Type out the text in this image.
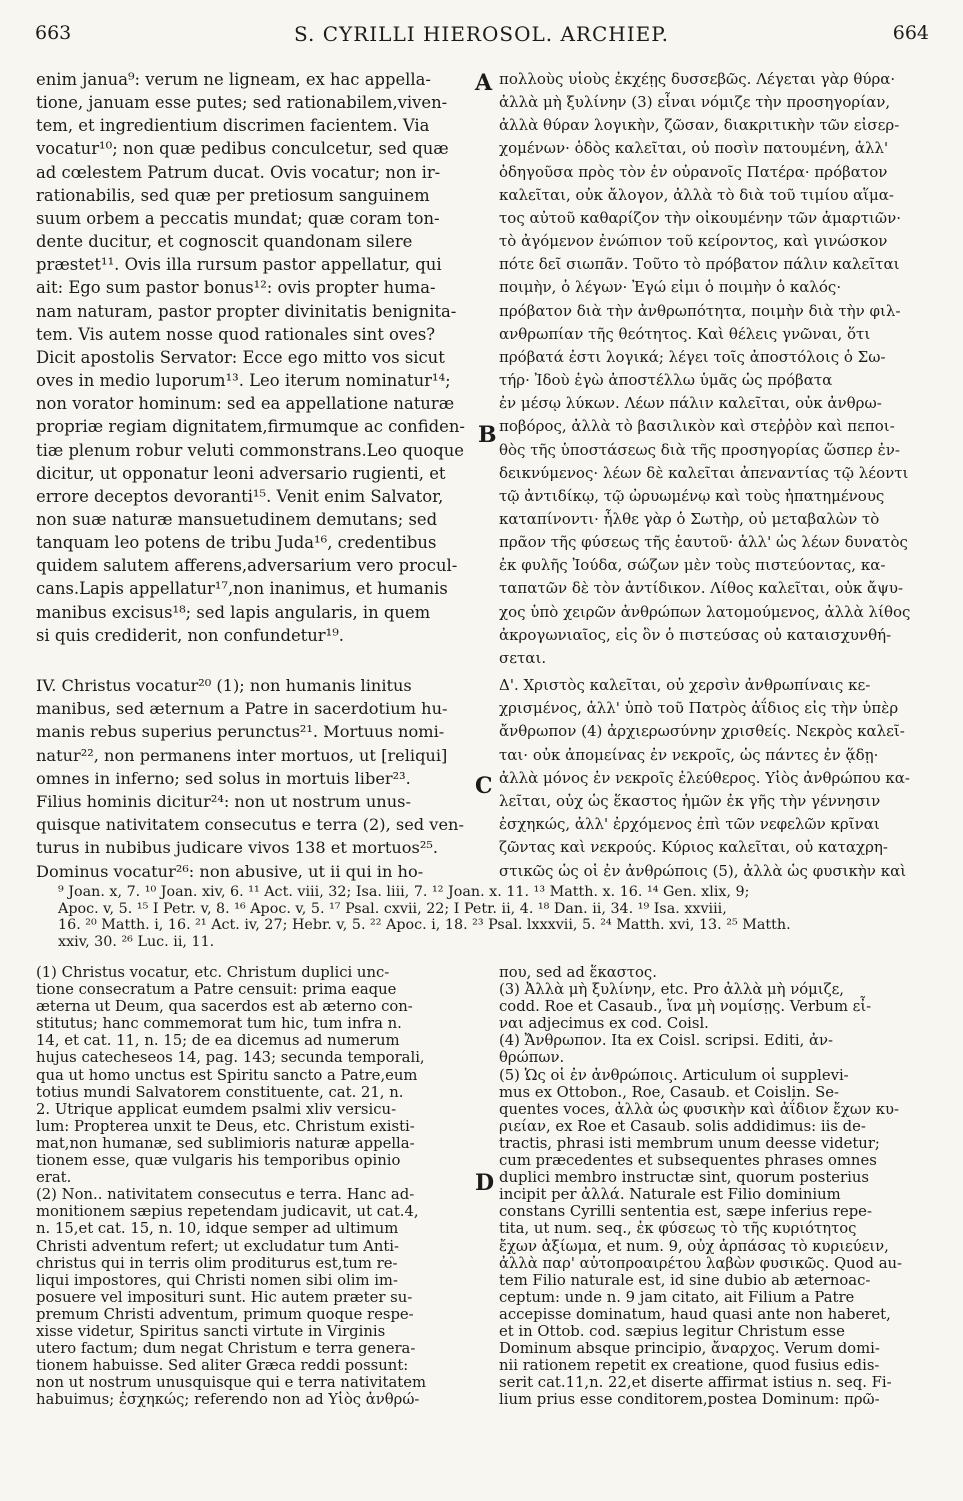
663	S. CYRILLI HIEROSOL. ARCHIEP.	664
A
B
C
D
enim janua⁹: verum ne ligneam, ex hac appella-
tione, januam esse putes; sed rationabilem,viven-
tem, et ingredientium discrimen facientem. Via
vocatur¹⁰; non quæ pedibus conculcetur, sed quæ
ad cœlestem Patrum ducat. Ovis vocatur; non ir-
rationabilis, sed quæ per pretiosum sanguinem
suum orbem a peccatis mundat; quæ coram ton-
dente ducitur, et cognoscit quandonam silere
præstet¹¹. Ovis illa rursum pastor appellatur, qui
ait: Ego sum pastor bonus¹²: ovis propter huma-
nam naturam, pastor propter divinitatis benignita-
tem. Vis autem nosse quod rationales sint oves?
Dicit apostolis Servator: Ecce ego mitto vos sicut
oves in medio luporum¹³. Leo iterum nominatur¹⁴;
non vorator hominum: sed ea appellatione naturæ
propriæ regiam dignitatem,firmumque ac confiden-
tiæ plenum robur veluti commonstrans.Leo quoque
dicitur, ut opponatur leoni adversario rugienti, et
errore deceptos devoranti¹⁵. Venit enim Salvator,
non suæ naturæ mansuetudinem demutans; sed
tanquam leo potens de tribu Juda¹⁶, credentibus
quidem salutem afferens,adversarium vero procul-
cans.Lapis appellatur¹⁷,non inanimus, et humanis
manibus excisus¹⁸; sed lapis angularis, in quem
si quis crediderit, non confundetur¹⁹.
πολλοὺς υἱοὺς ἐκχέῃς δυσσεβῶς. Λέγεται γὰρ θύρα·
ἀλλὰ μὴ ξυλίνην (3) εἶναι νόμιζε τὴν προσηγορίαν,
ἀλλὰ θύραν λογικὴν, ζῶσαν, διακριτικὴν τῶν εἰσερ-
χομένων· ὁδὸς καλεῖται, οὐ ποσὶν πατουμένη, ἀλλ'
ὁδηγοῦσα πρὸς τὸν ἐν οὐρανοῖς Πατέρα· πρόβατον
καλεῖται, οὐκ ἄλογον, ἀλλὰ τὸ διὰ τοῦ τιμίου αἵμα-
τος αὐτοῦ καθαρίζον τὴν οἰκουμένην τῶν ἁμαρτιῶν·
τὸ ἀγόμενον ἐνώπιον τοῦ κείροντος, καὶ γινώσκον
πότε δεῖ σιωπᾶν. Τοῦτο τὸ πρόβατον πάλιν καλεῖται
ποιμὴν, ὁ λέγων· Ἐγώ εἰμι ὁ ποιμὴν ὁ καλός·
πρόβατον διὰ τὴν ἀνθρωπότητα, ποιμὴν διὰ τὴν φιλ-
ανθρωπίαν τῆς θεότητος. Καὶ θέλεις γνῶναι, ὅτι
πρόβατά ἐστι λογικά; λέγει τοῖς ἀποστόλοις ὁ Σω-
τήρ· Ἰδοὺ ἐγὼ ἀποστέλλω ὑμᾶς ὡς πρόβατα
ἐν μέσῳ λύκων. Λέων πάλιν καλεῖται, οὐκ ἀνθρω-
ποβόρος, ἀλλὰ τὸ βασιλικὸν καὶ στεῤῥὸν καὶ πεποι-
θὸς τῆς ὑποστάσεως διὰ τῆς προσηγορίας ὥσπερ ἐν-
δεικνύμενος· λέων δὲ καλεῖται ἀπεναντίας τῷ λέοντι
τῷ ἀντιδίκῳ, τῷ ὠρυωμένῳ καὶ τοὺς ἠπατημένους
καταπίνοντι· ἦλθε γὰρ ὁ Σωτὴρ, οὐ μεταβαλὼν τὸ
πρᾶον τῆς φύσεως τῆς ἑαυτοῦ· ἀλλ' ὡς λέων δυνατὸς
ἐκ φυλῆς Ἰούδα, σώζων μὲν τοὺς πιστεύοντας, κα-
ταπατῶν δὲ τὸν ἀντίδικον. Λίθος καλεῖται, οὐκ ἄψυ-
χος ὑπὸ χειρῶν ἀνθρώπων λατομούμενος, ἀλλὰ λίθος
ἀκρογωνιαῖος, εἰς ὃν ὁ πιστεύσας οὐ καταισχυνθή-
σεται.
IV. Christus vocatur²⁰ (1); non humanis linitus
manibus, sed æternum a Patre in sacerdotium hu-
manis rebus superius perunctus²¹. Mortuus nomi-
natur²², non permanens inter mortuos, ut [reliqui]
omnes in inferno; sed solus in mortuis liber²³.
Filius hominis dicitur²⁴: non ut nostrum unus-
quisque nativitatem consecutus e terra (2), sed ven-
turus in nubibus judicare vivos 138 et mortuos²⁵.
Dominus vocatur²⁶: non abusive, ut ii qui in ho-
Δ'. Χριστὸς καλεῖται, οὐ χερσὶν ἀνθρωπίναις κε-
χρισμένος, ἀλλ' ὑπὸ τοῦ Πατρὸς ἀΐδιος εἰς τὴν ὑπὲρ
ἄνθρωπον (4) ἀρχιερωσύνην χρισθείς. Νεκρὸς καλεῖ-
ται· οὐκ ἀπομείνας ἐν νεκροῖς, ὡς πάντες ἐν ᾅδῃ·
ἀλλὰ μόνος ἐν νεκροῖς ἐλεύθερος. Υἱὸς ἀνθρώπου κα-
λεῖται, οὐχ ὡς ἕκαστος ἡμῶν ἐκ γῆς τὴν γέννησιν
ἐσχηκώς, ἀλλ' ἐρχόμενος ἐπὶ τῶν νεφελῶν κρῖναι
ζῶντας καὶ νεκρούς. Κύριος καλεῖται, οὐ καταχρη-
στικῶς ὡς οἱ ἐν ἀνθρώποις (5), ἀλλὰ ὡς φυσικὴν καὶ
⁹ Joan. x, 7. ¹⁰ Joan. xiv, 6. ¹¹ Act. viii, 32; Isa. liii, 7. ¹² Joan. x. 11. ¹³ Matth. x. 16. ¹⁴ Gen. xlix, 9;
Apoc. v, 5. ¹⁵ I Petr. v, 8. ¹⁶ Apoc. v, 5. ¹⁷ Psal. cxvii, 22; I Petr. ii, 4. ¹⁸ Dan. ii, 34. ¹⁹ Isa. xxviii,
16. ²⁰ Matth. i, 16. ²¹ Act. iv, 27; Hebr. v, 5. ²² Apoc. i, 18. ²³ Psal. lxxxvii, 5. ²⁴ Matth. xvi, 13. ²⁵ Matth.
xxiv, 30. ²⁶ Luc. ii, 11.
(1) Christus vocatur, etc. Christum duplici unc-
tione consecratum a Patre censuit: prima eaque
æterna ut Deum, qua sacerdos est ab æterno con-
stitutus; hanc commemorat tum hic, tum infra n.
14, et cat. 11, n. 15; de ea dicemus ad numerum
hujus catecheseos 14, pag. 143; secunda temporali,
qua ut homo unctus est Spiritu sancto a Patre,eum
totius mundi Salvatorem constituente, cat. 21, n.
2. Utrique applicat eumdem psalmi xliv versicu-
lum: Propterea unxit te Deus, etc. Christum existi-
mat,non humanæ, sed sublimioris naturæ appella-
tionem esse, quæ vulgaris his temporibus opinio
erat.
(2) Non.. nativitatem consecutus e terra. Hanc ad-
monitionem sæpius repetendam judicavit, ut cat.4,
n. 15,et cat. 15, n. 10, idque semper ad ultimum
Christi adventum refert; ut excludatur tum Anti-
christus qui in terris olim proditurus est,tum re-
liqui impostores, qui Christi nomen sibi olim im-
posuere vel imposituri sunt. Hic autem præter su-
premum Christi adventum, primum quoque respe-
xisse videtur, Spiritus sancti virtute in Virginis
utero factum; dum negat Christum e terra genera-
tionem habuisse. Sed aliter Græca reddi possunt:
non ut nostrum unusquisque qui e terra nativitatem
habuimus; ἐσχηκώς; referendo non ad Υἱὸς ἀνθρώ-
που, sed ad ἕκαστος.
(3) Ἀλλὰ μὴ ξυλίνην, etc. Pro ἀλλὰ μὴ νόμιζε,
codd. Roe et Casaub., ἵνα μὴ νομίσῃς. Verbum εἶ-
ναι adjecimus ex cod. Coisl.
(4) Ἄνθρωπον. Ita ex Coisl. scripsi. Editi, ἀν-
θρώπων.
(5) Ὡς οἱ ἐν ἀνθρώποις. Articulum οἱ supplevi-
mus ex Ottobon., Roe, Casaub. et Coislin. Se-
quentes voces, ἀλλὰ ὡς φυσικὴν καὶ ἀΐδιον ἔχων κυ-
ριείαν, ex Roe et Casaub. solis addidimus: iis de-
tractis, phrasi isti membrum unum deesse videtur;
cum præcedentes et subsequentes phrases omnes
duplici membro instructæ sint, quorum posterius
incipit per ἀλλά. Naturale est Filio dominium
constans Cyrilli sententia est, sæpe inferius repe-
tita, ut num. seq., ἐκ φύσεως τὸ τῆς κυριότητος
ἔχων ἀξίωμα, et num. 9, οὐχ ἁρπάσας τὸ κυριεύειν,
ἀλλὰ παρ' αὐτοπροαιρέτου λαβὼν φυσικῶς. Quod au-
tem Filio naturale est, id sine dubio ab æternoac-
ceptum: unde n. 9 jam citato, ait Filium a Patre
accepisse dominatum, haud quasi ante non haberet,
et in Ottob. cod. sæpius legitur Christum esse
Dominum absque principio, ἄναρχος. Verum domi-
nii rationem repetit ex creatione, quod fusius edis-
serit cat.11,n. 22,et diserte affirmat istius n. seq. Fi-
lium prius esse conditorem,postea Dominum: πρῶ-
